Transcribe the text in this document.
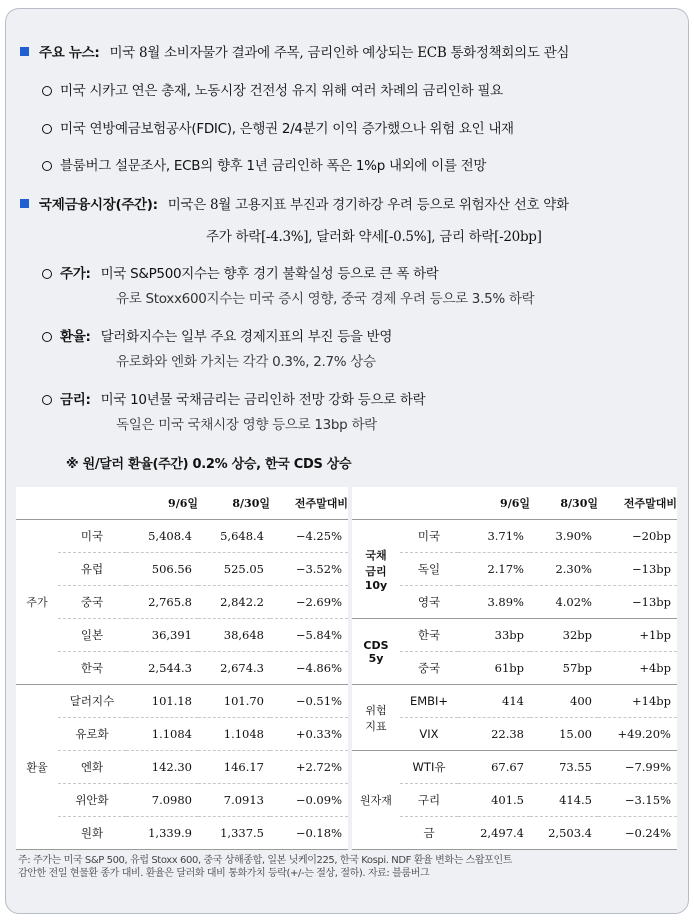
주요 뉴스: 미국 8월 소비자물가 결과에 주목, 금리인하 예상되는 ECB 통화정책회의도 관심
미국 시카고 연은 총재, 노동시장 건전성 유지 위해 여러 차례의 금리인하 필요
미국 연방예금보험공사(FDIC), 은행권 2/4분기 이익 증가했으나 위험 요인 내재
블룸버그 설문조사, ECB의 향후 1년 금리인하 폭은 1%p 내외에 이를 전망
국제금융시장(주간): 미국은 8월 고용지표 부진과 경기하강 우려 등으로 위험자산 선호 약화
주가 하락[-4.3%], 달러화 약세[-0.5%], 금리 하락[-20bp]
주가: 미국 S&P500지수는 향후 경기 불확실성 등으로 큰 폭 하락
유로 Stoxx600지수는 미국 증시 영향, 중국 경제 우려 등으로 3.5% 하락
환율: 달러화지수는 일부 주요 경제지표의 부진 등을 반영
유로화와 엔화 가치는 각각 0.3%, 2.7% 상승
금리: 미국 10년물 국채금리는 금리인하 전망 강화 등으로 하락
독일은 미국 국채시장 영향 등으로 13bp 하락
※ 원/달러 환율(주간) 0.2% 상승, 한국 CDS 상승
		9/6일	8/30일	전주말대비
주가	미국	5,408.4	5,648.4	−4.25%
	유럽	506.56	525.05	−3.52%
	중국	2,765.8	2,842.2	−2.69%
	일본	36,391	38,648	−5.84%
	한국	2,544.3	2,674.3	−4.86%
환율	달러지수	101.18	101.70	−0.51%
	유로화	1.1084	1.1048	+0.33%
	엔화	142.30	146.17	+2.72%
	위안화	7.0980	7.0913	−0.09%
	원화	1,339.9	1,337.5	−0.18%
		9/6일	8/30일	전주말대비
국채
금리
10y	미국	3.71%	3.90%	−20bp
	독일	2.17%	2.30%	−13bp
	영국	3.89%	4.02%	−13bp
CDS
5y	한국	33bp	32bp	+1bp
	중국	61bp	57bp	+4bp
위험
지표	EMBI+	414	400	+14bp
	VIX	22.38	15.00	+49.20%
원자재	WTI유	67.67	73.55	−7.99%
	구리	401.5	414.5	−3.15%
	금	2,497.4	2,503.4	−0.24%
주: 주가는 미국 S&P 500, 유럽 Stoxx 600, 중국 상해종합, 일본 닛케이225, 한국 Kospi. NDF 환율 변화는 스왑포인트
감안한 전일 현물환 종가 대비. 환율은 달러화 대비 통화가치 등락(+/-는 절상, 절하). 자료: 블룸버그
